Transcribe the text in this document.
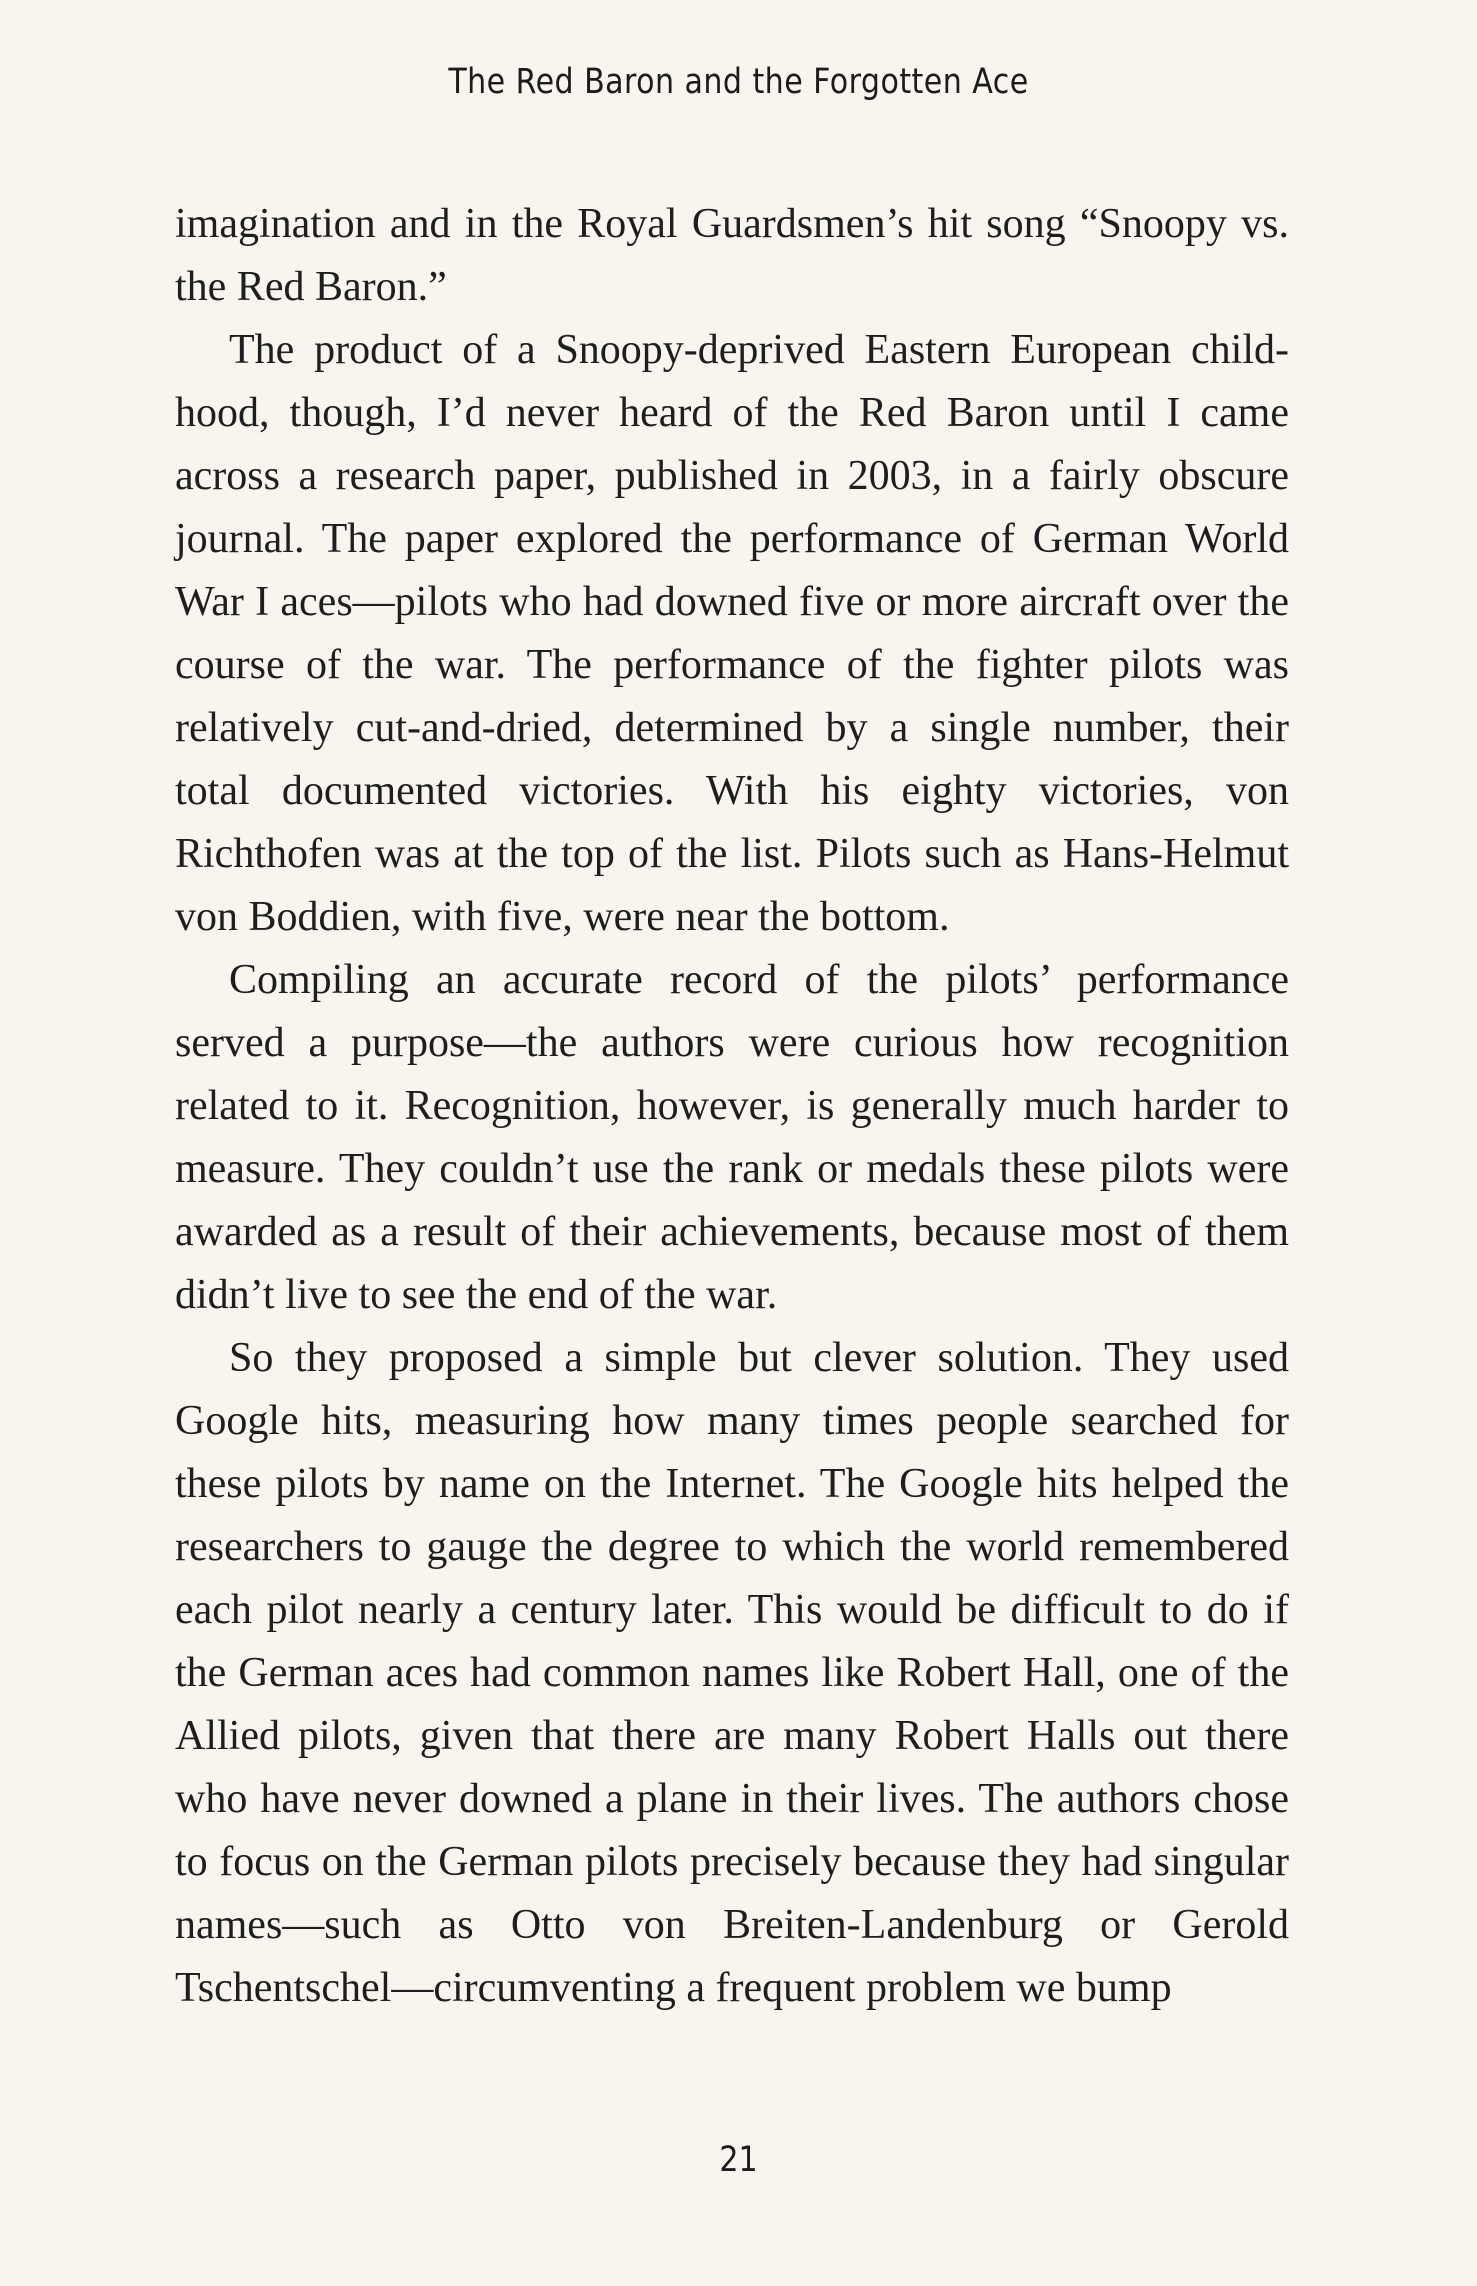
The Red Baron and the Forgotten Ace

imagination and in the Royal Guardsmen’s hit song “Snoopy vs. the Red Baron.”

The product of a Snoopy-deprived Eastern European childhood, though, I’d never heard of the Red Baron until I came across a research paper, published in 2003, in a fairly obscure journal. The paper explored the performance of German World War I aces—pilots who had downed five or more aircraft over the course of the war. The performance of the fighter pilots was relatively cut-and-dried, determined by a single number, their total documented victories. With his eighty victories, von Richthofen was at the top of the list. Pilots such as Hans-Helmut von Boddien, with five, were near the bottom.

Compiling an accurate record of the pilots’ performance served a purpose—the authors were curious how recognition related to it. Recognition, however, is generally much harder to measure. They couldn’t use the rank or medals these pilots were awarded as a result of their achievements, because most of them didn’t live to see the end of the war.

So they proposed a simple but clever solution. They used Google hits, measuring how many times people searched for these pilots by name on the Internet. The Google hits helped the researchers to gauge the degree to which the world remembered each pilot nearly a century later. This would be difficult to do if the German aces had common names like Robert Hall, one of the Allied pilots, given that there are many Robert Halls out there who have never downed a plane in their lives. The authors chose to focus on the German pilots precisely because they had singular names—such as Otto von Breiten-Landenburg or Gerold Tschentschel—circumventing a frequent problem we bump

21
